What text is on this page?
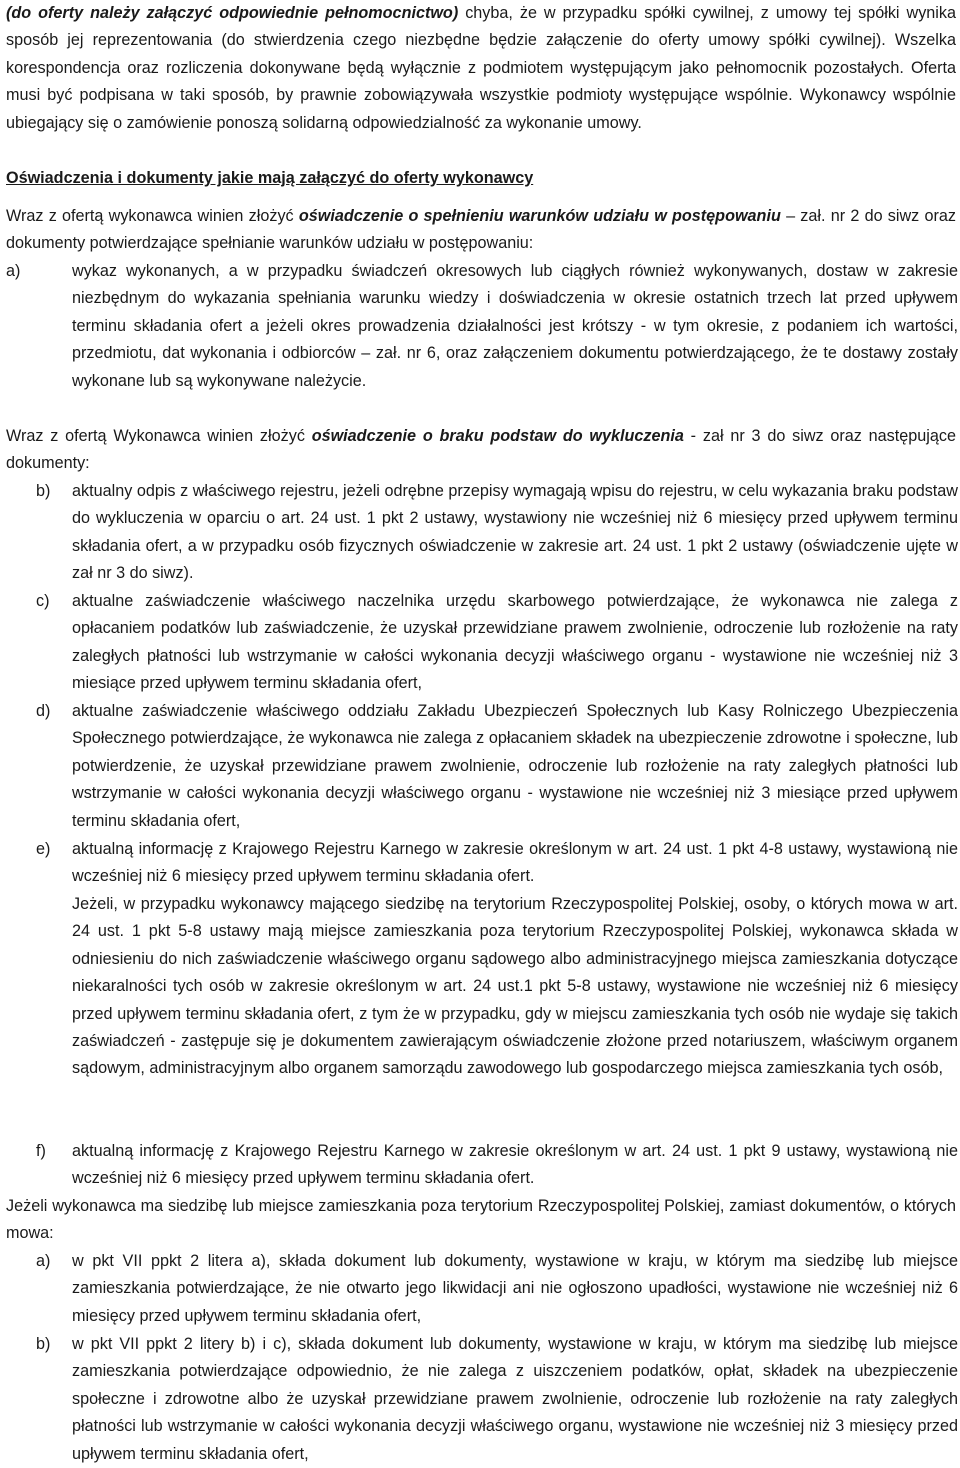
(do oferty należy załączyć odpowiednie pełnomocnictwo) chyba, że w przypadku spółki cywilnej, z umowy tej spółki wynika sposób jej reprezentowania (do stwierdzenia czego niezbędne będzie załączenie do oferty umowy spółki cywilnej). Wszelka korespondencja oraz rozliczenia dokonywane będą wyłącznie z podmiotem występującym jako pełnomocnik pozostałych. Oferta musi być podpisana w taki sposób, by prawnie zobowiązywała wszystkie podmioty występujące wspólnie. Wykonawcy wspólnie ubiegający się o zamówienie ponoszą solidarną odpowiedzialność za wykonanie umowy.

Oświadczenia i dokumenty jakie mają załączyć do oferty wykonawcy

Wraz z ofertą wykonawca winien złożyć oświadczenie o spełnieniu warunków udziału w postępowaniu – zał. nr 2 do siwz oraz dokumenty potwierdzające spełnianie warunków udziału w postępowaniu:

a)	wykaz wykonanych, a w przypadku świadczeń okresowych lub ciągłych również wykonywanych, dostaw w zakresie niezbędnym do wykazania spełniania warunku wiedzy i doświadczenia w okresie ostatnich trzech lat przed upływem terminu składania ofert a jeżeli okres prowadzenia działalności jest krótszy - w tym okresie, z podaniem ich wartości, przedmiotu, dat wykonania i odbiorców – zał. nr 6, oraz załączeniem dokumentu potwierdzającego, że te dostawy zostały wykonane lub są wykonywane należycie.

Wraz z ofertą Wykonawca winien złożyć oświadczenie o braku podstaw do wykluczenia - zał nr 3 do siwz oraz następujące dokumenty:

b) aktualny odpis z właściwego rejestru, jeżeli odrębne przepisy wymagają wpisu do rejestru, w celu wykazania braku podstaw do wykluczenia w oparciu o art. 24 ust. 1 pkt 2 ustawy, wystawiony nie wcześniej niż 6 miesięcy przed upływem terminu składania ofert, a w przypadku osób fizycznych oświadczenie w zakresie art. 24 ust. 1 pkt 2 ustawy (oświadczenie ujęte w zał nr 3 do siwz).

c) aktualne zaświadczenie właściwego naczelnika urzędu skarbowego potwierdzające, że wykonawca nie zalega z opłacaniem podatków lub zaświadczenie, że uzyskał przewidziane prawem zwolnienie, odroczenie lub rozłożenie na raty zaległych płatności lub wstrzymanie w całości wykonania decyzji właściwego organu - wystawione nie wcześniej niż 3 miesiące przed upływem terminu składania ofert,

d) aktualne zaświadczenie właściwego oddziału Zakładu Ubezpieczeń Społecznych lub Kasy Rolniczego Ubezpieczenia Społecznego potwierdzające, że wykonawca nie zalega z opłacaniem składek na ubezpieczenie zdrowotne i społeczne, lub potwierdzenie, że uzyskał przewidziane prawem zwolnienie, odroczenie lub rozłożenie na raty zaległych płatności lub wstrzymanie w całości wykonania decyzji właściwego organu - wystawione nie wcześniej niż 3 miesiące przed upływem terminu składania ofert,

e) aktualną informację z Krajowego Rejestru Karnego w zakresie określonym w art. 24 ust. 1 pkt 4-8 ustawy, wystawioną nie wcześniej niż 6 miesięcy przed upływem terminu składania ofert.

Jeżeli, w przypadku wykonawcy mającego siedzibę na terytorium Rzeczypospolitej Polskiej, osoby, o których mowa w art. 24 ust. 1 pkt 5-8 ustawy mają miejsce zamieszkania poza terytorium Rzeczypospolitej Polskiej, wykonawca składa w odniesieniu do nich zaświadczenie właściwego organu sądowego albo administracyjnego miejsca zamieszkania dotyczące niekaralności tych osób w zakresie określonym w art. 24 ust.1 pkt 5-8 ustawy, wystawione nie wcześniej niż 6 miesięcy przed upływem terminu składania ofert, z tym że w przypadku, gdy w miejscu zamieszkania tych osób nie wydaje się takich zaświadczeń - zastępuje się je dokumentem zawierającym oświadczenie złożone przed notariuszem, właściwym organem sądowym, administracyjnym albo organem samorządu zawodowego lub gospodarczego miejsca zamieszkania tych osób,

f) aktualną informację z Krajowego Rejestru Karnego w zakresie określonym w art. 24 ust. 1 pkt 9 ustawy, wystawioną nie wcześniej niż 6 miesięcy przed upływem terminu składania ofert.

Jeżeli wykonawca ma siedzibę lub miejsce zamieszkania poza terytorium Rzeczypospolitej Polskiej, zamiast dokumentów, o których mowa:

a) w pkt VII ppkt 2 litera a), składa dokument lub dokumenty, wystawione w kraju, w którym ma siedzibę lub miejsce zamieszkania potwierdzające, że nie otwarto jego likwidacji ani nie ogłoszono upadłości, wystawione nie wcześniej niż 6 miesięcy przed upływem terminu składania ofert,

b) w pkt VII ppkt 2 litery b) i c), składa dokument lub dokumenty, wystawione w kraju, w którym ma siedzibę lub miejsce zamieszkania potwierdzające odpowiednio, że nie zalega z uiszczeniem podatków, opłat, składek na ubezpieczenie społeczne i zdrowotne albo że uzyskał przewidziane prawem zwolnienie, odroczenie lub rozłożenie na raty zaległych płatności lub wstrzymanie w całości wykonania decyzji właściwego organu, wystawione nie wcześniej niż 3 miesięcy przed upływem terminu składania ofert,
